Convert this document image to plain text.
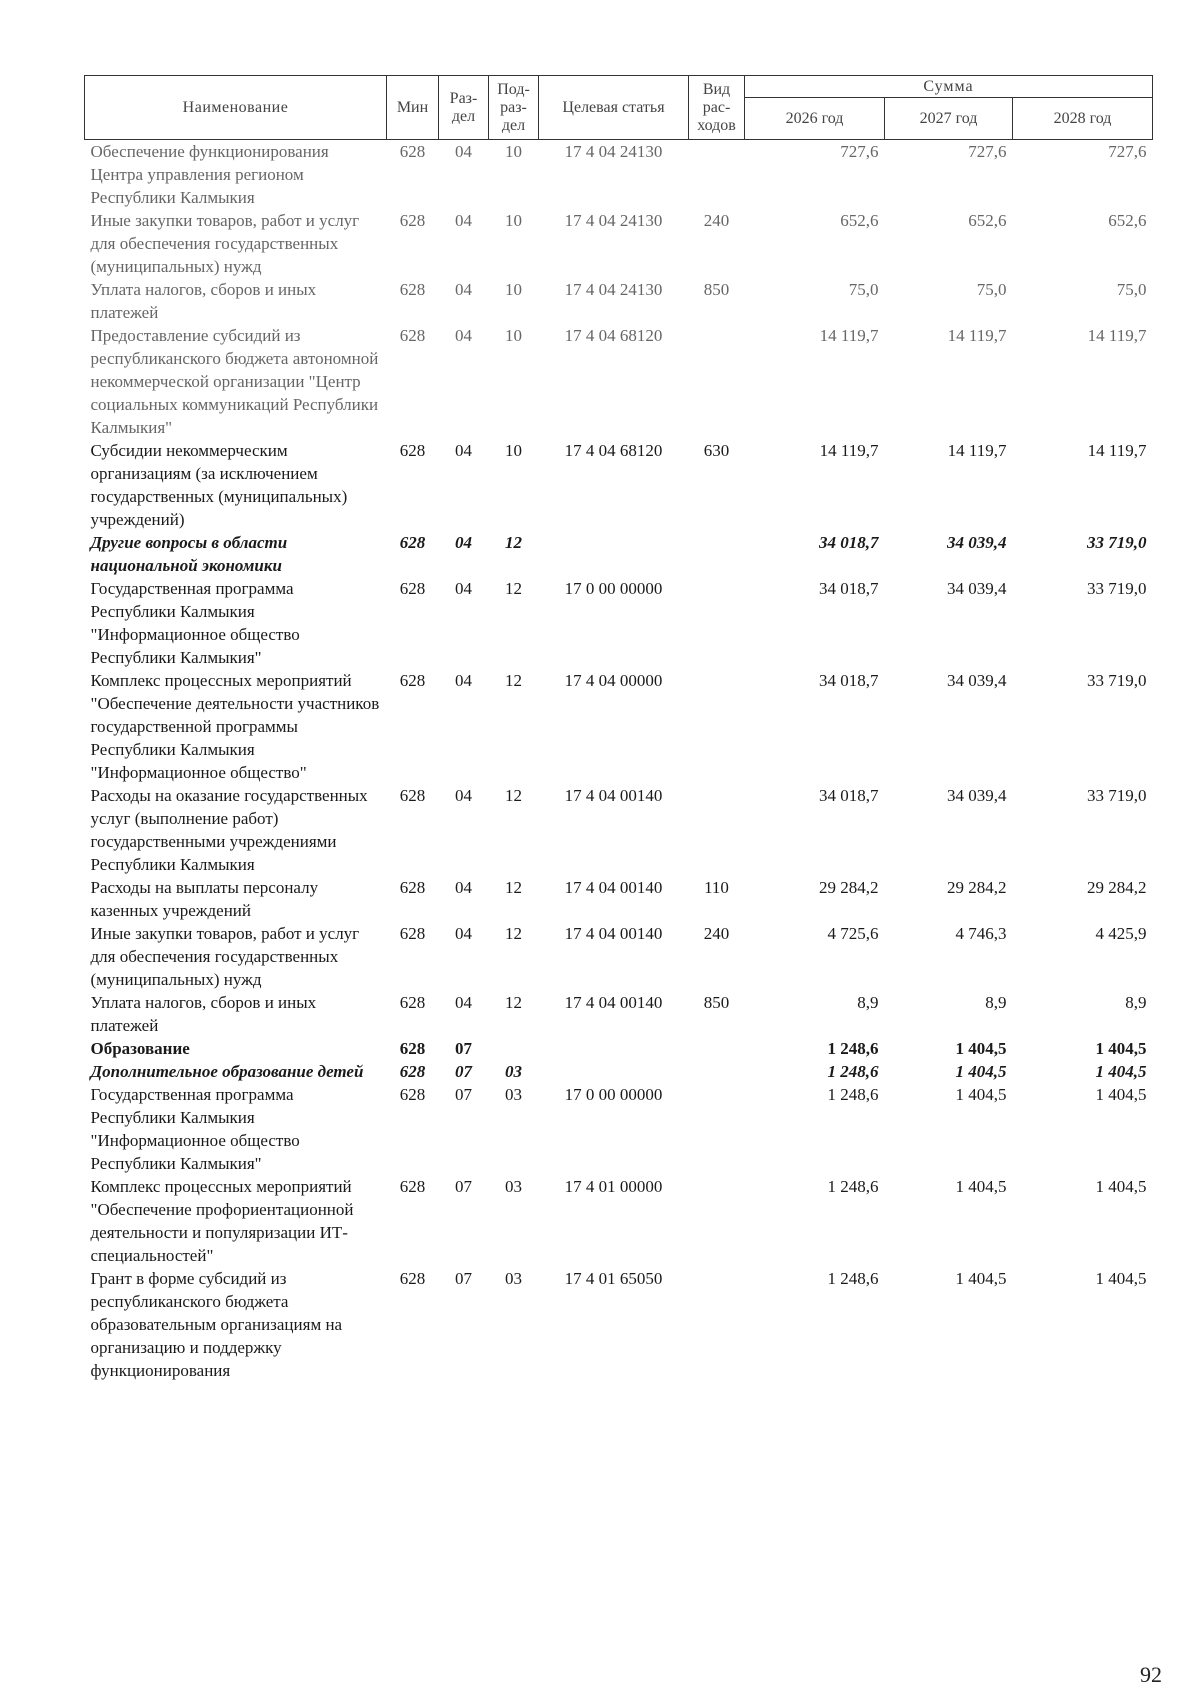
Наименование	Мин	Раз-дел	Под-раз-дел	Целевая статья	Вид рас-ходов	Сумма		
						2026 год	2027 год	2028 год
Обеспечение функционирования Центра управления регионом Республики Калмыкия	628	04	10	17 4 04 24130		727,6	727,6	727,6
Иные закупки товаров, работ и услуг для обеспечения государственных (муниципальных) нужд	628	04	10	17 4 04 24130	240	652,6	652,6	652,6
Уплата налогов, сборов и иных платежей	628	04	10	17 4 04 24130	850	75,0	75,0	75,0
Предоставление субсидий из республиканского бюджета автономной некоммерческой организации "Центр социальных коммуникаций Республики Калмыкия"	628	04	10	17 4 04 68120		14 119,7	14 119,7	14 119,7
Субсидии некоммерческим организациям (за исключением государственных (муниципальных) учреждений)	628	04	10	17 4 04 68120	630	14 119,7	14 119,7	14 119,7
Другие вопросы в области национальной экономики	628	04	12			34 018,7	34 039,4	33 719,0
Государственная программа Республики Калмыкия "Информационное общество Республики Калмыкия"	628	04	12	17 0 00 00000		34 018,7	34 039,4	33 719,0
Комплекс процессных мероприятий "Обеспечение деятельности участников государственной программы Республики Калмыкия "Информационное общество"	628	04	12	17 4 04 00000		34 018,7	34 039,4	33 719,0
Расходы на оказание государственных услуг (выполнение работ) государственными учреждениями Республики Калмыкия	628	04	12	17 4 04 00140		34 018,7	34 039,4	33 719,0
Расходы на выплаты персоналу казенных учреждений	628	04	12	17 4 04 00140	110	29 284,2	29 284,2	29 284,2
Иные закупки товаров, работ и услуг для обеспечения государственных (муниципальных) нужд	628	04	12	17 4 04 00140	240	4 725,6	4 746,3	4 425,9
Уплата налогов, сборов и иных платежей	628	04	12	17 4 04 00140	850	8,9	8,9	8,9
Образование	628	07				1 248,6	1 404,5	1 404,5
Дополнительное образование детей	628	07	03			1 248,6	1 404,5	1 404,5
Государственная программа Республики Калмыкия "Информационное общество Республики Калмыкия"	628	07	03	17 0 00 00000		1 248,6	1 404,5	1 404,5
Комплекс процессных мероприятий "Обеспечение профориентационной деятельности и популяризации ИТ-специальностей"	628	07	03	17 4 01 00000		1 248,6	1 404,5	1 404,5
Грант в форме субсидий из республиканского бюджета образовательным организациям на организацию и поддержку функционирования	628	07	03	17 4 01 65050		1 248,6	1 404,5	1 404,5
92
